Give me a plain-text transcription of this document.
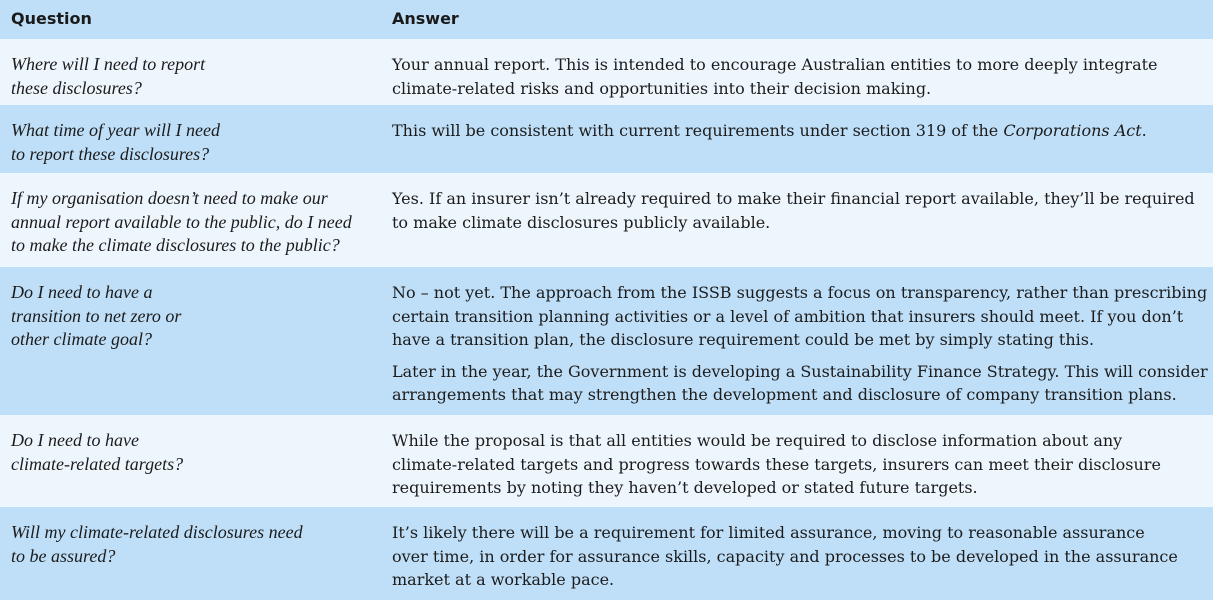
Question	Answer
Where will I need to report
these disclosures?
Your annual report. This is intended to encourage Australian entities to more deeply integrate
climate-related risks and opportunities into their decision making.
What time of year will I need
to report these disclosures?
This will be consistent with current requirements under section 319 of the Corporations Act.
If my organisation doesn’t need to make our
annual report available to the public, do I need
to make the climate disclosures to the public?
Yes. If an insurer isn’t already required to make their financial report available, they’ll be required
to make climate disclosures publicly available.
Do I need to have a
transition to net zero or
other climate goal?
No – not yet. The approach from the ISSB suggests a focus on transparency, rather than prescribing
certain transition planning activities or a level of ambition that insurers should meet. If you don’t
have a transition plan, the disclosure requirement could be met by simply stating this.
Later in the year, the Government is developing a Sustainability Finance Strategy. This will consider
arrangements that may strengthen the development and disclosure of company transition plans.
Do I need to have
climate-related targets?
While the proposal is that all entities would be required to disclose information about any
climate-related targets and progress towards these targets, insurers can meet their disclosure
requirements by noting they haven’t developed or stated future targets.
Will my climate-related disclosures need
to be assured?
It’s likely there will be a requirement for limited assurance, moving to reasonable assurance
over time, in order for assurance skills, capacity and processes to be developed in the assurance
market at a workable pace.
